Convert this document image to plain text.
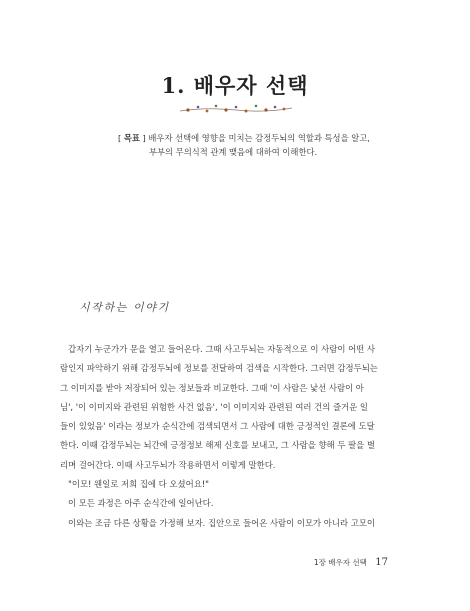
1. 배우자 선택
[ 목표 ] 배우자 선택에 영향을 미치는 감정두뇌의 역할과 특성을 알고,
부부의 무의식적 관계 맺음에 대하여 이해한다.
시작하는 이야기
갑자기 누군가가 문을 열고 들어온다. 그때 사고두뇌는 자동적으로 이 사람이 어떤 사
람인지 파악하기 위해 감정두뇌에 정보를 전달하여 검색을 시작한다. 그러면 감정두뇌는
그 이미지를 받아 저장되어 있는 정보들과 비교한다. 그때 '이 사람은 낯선 사람이 아
님', '이 이미지와 관련된 위험한 사건 없음', '이 이미지와 관련된 여러 건의 즐거운 일
들이 있었음' 이라는 정보가 순식간에 검색되면서 그 사람에 대한 긍정적인 결론에 도달
한다. 이때 감정두뇌는 뇌간에 긍정정보 해제 신호를 보내고, 그 사람을 향해 두 팔을 벌
리며 걸어간다. 이때 사고두뇌가 작용하면서 이렇게 말한다.
"이모! 웬일로 저희 집에 다 오셨어요!"
이 모든 과정은 아주 순식간에 일어난다.
이와는 조금 다른 상황을 가정해 보자. 집안으로 들어온 사람이 이모가 아니라 고모이
1장 배우자 선택 17
